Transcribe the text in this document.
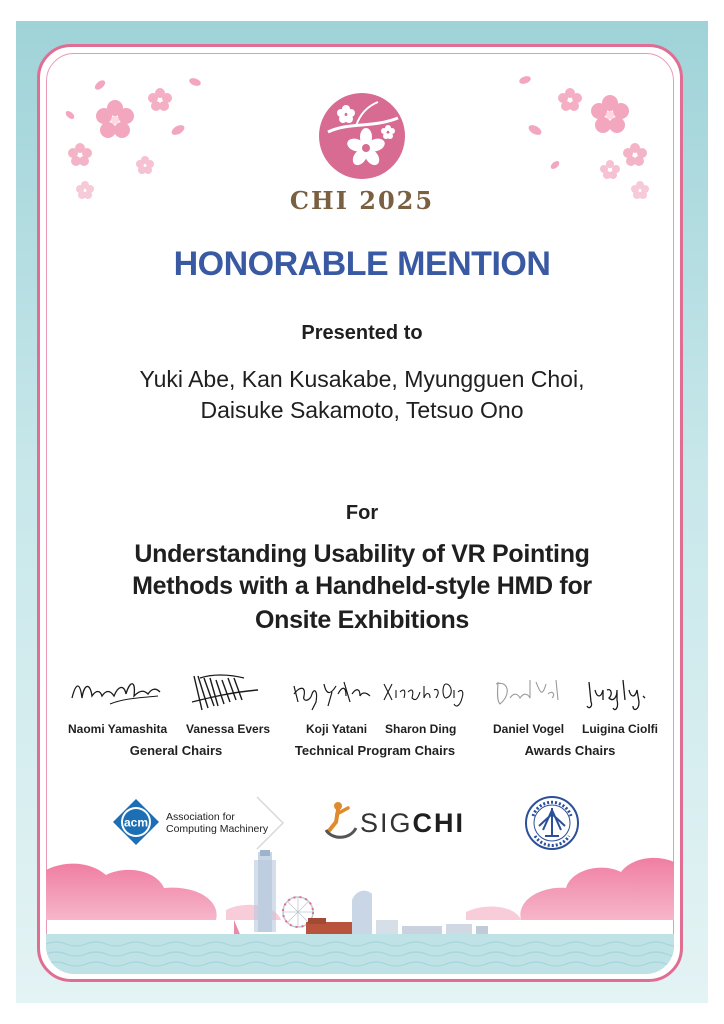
CHI 2025
HONORABLE MENTION
Presented to
Yuki Abe, Kan Kusakabe, Myungguen Choi,
Daisuke Sakamoto, Tetsuo Ono
For
Understanding Usability of VR Pointing
Methods with a Handheld-style HMD for
Onsite Exhibitions
Naomi Yamashita Vanessa Evers	Koji Yatani Sharon Ding	Daniel Vogel Luigina Ciolfi
General Chairs	Technical Program Chairs	Awards Chairs
acm Association for
Computing Machinery	SIGCHI
